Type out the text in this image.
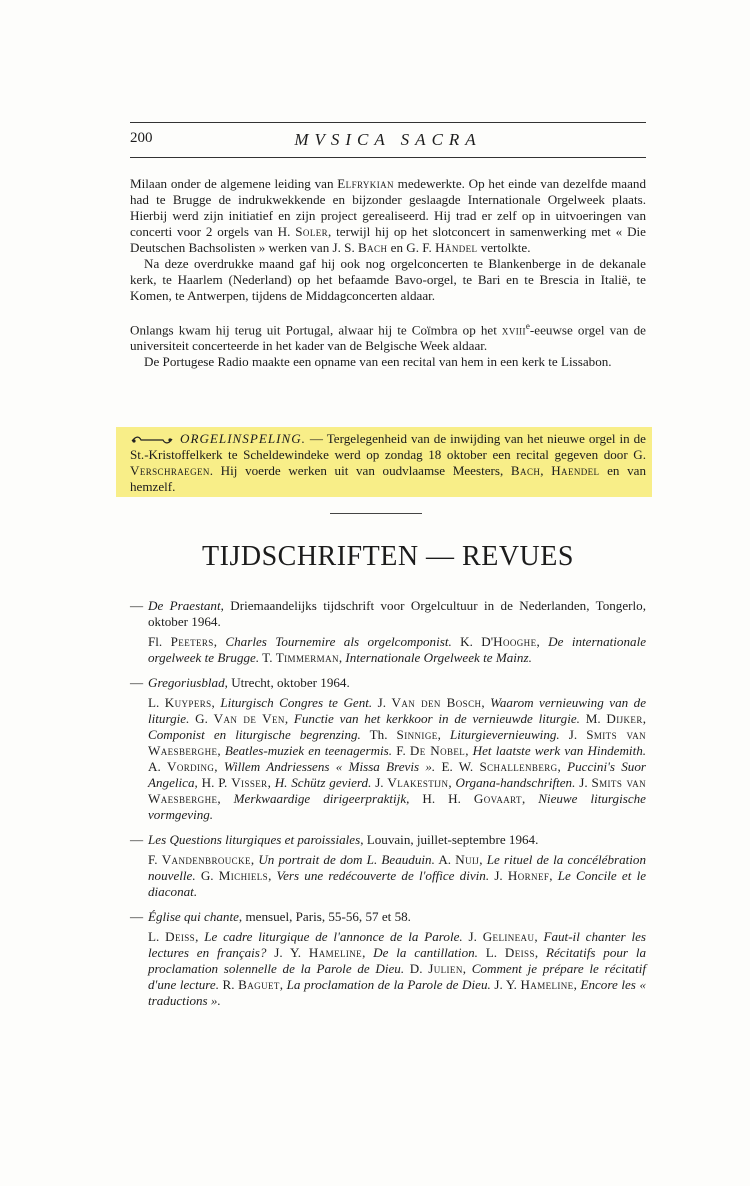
200	MVSICA SACRA

Milaan onder de algemene leiding van Elfrykian medewerkte. Op het einde van dezelfde maand had te Brugge de indrukwekkende en bijzonder geslaagde Internationale Orgelweek plaats. Hierbij werd zijn initiatief en zijn project gerealiseerd. Hij trad er zelf op in uitvoeringen van concerti voor 2 orgels van H. Soler, terwijl hij op het slotconcert in samenwerking met « Die Deutschen Bachsolisten » werken van J. S. Bach en G. F. Händel vertolkte.

Na deze overdrukke maand gaf hij ook nog orgelconcerten te Blankenberge in de dekanale kerk, te Haarlem (Nederland) op het befaamde Bavo-orgel, te Bari en te Brescia in Italië, te Komen, te Antwerpen, tijdens de Middagconcerten aldaar.

Onlangs kwam hij terug uit Portugal, alwaar hij te Coïmbra op het xviii$^e$-eeuwse orgel van de universiteit concerteerde in het kader van de Belgische Week aldaar.

De Portugese Radio maakte een opname van een recital van hem in een kerk te Lissabon.

ORGELINSPELING. — Tergelegenheid van de inwijding van het nieuwe orgel in de St.-Kristoffelkerk te Scheldewindeke werd op zondag 18 oktober een recital gegeven door G. Verschraegen. Hij voerde werken uit van oudvlaamse Meesters, Bach, Haendel en van hemzelf.
TIJDSCHRIFTEN — REVUES

— De Praestant, Driemaandelijks tijdschrift voor Orgelcultuur in de Nederlanden, Tongerlo, oktober 1964.

Fl. Peeters, Charles Tournemire als orgelcomponist. K. D'Hooghe, De internationale orgelweek te Brugge. T. Timmerman, Internationale Orgelweek te Mainz.

— Gregoriusblad, Utrecht, oktober 1964.

L. Kuypers, Liturgisch Congres te Gent. J. Van den Bosch, Waarom vernieuwing van de liturgie. G. Van de Ven, Functie van het kerkkoor in de vernieuwde liturgie. M. Dijker, Componist en liturgische begrenzing. Th. Sinnige, Liturgievernieuwing. J. Smits van Waesberghe, Beatles-muziek en teenagermis. F. De Nobel, Het laatste werk van Hindemith. A. Vording, Willem Andriessens « Missa Brevis ». E. W. Schallenberg, Puccini's Suor Angelica, H. P. Visser, H. Schütz gevierd. J. Vlakestijn, Organa-handschriften. J. Smits van Waesberghe, Merkwaardige dirigeerpraktijk, H. H. Govaart, Nieuwe liturgische vormgeving.

— Les Questions liturgiques et paroissiales, Louvain, juillet-septembre 1964.

F. Vandenbroucke, Un portrait de dom L. Beauduin. A. Nuij, Le rituel de la concélébration nouvelle. G. Michiels, Vers une redécouverte de l'office divin. J. Hornef, Le Concile et le diaconat.

— Église qui chante, mensuel, Paris, 55-56, 57 et 58.

L. Deiss, Le cadre liturgique de l'annonce de la Parole. J. Gelineau, Faut-il chanter les lectures en français? J. Y. Hameline, De la cantillation. L. Deiss, Récitatifs pour la proclamation solennelle de la Parole de Dieu. D. Julien, Comment je prépare le récitatif d'une lecture. R. Baguet, La proclamation de la Parole de Dieu. J. Y. Hameline, Encore les « traductions ».
